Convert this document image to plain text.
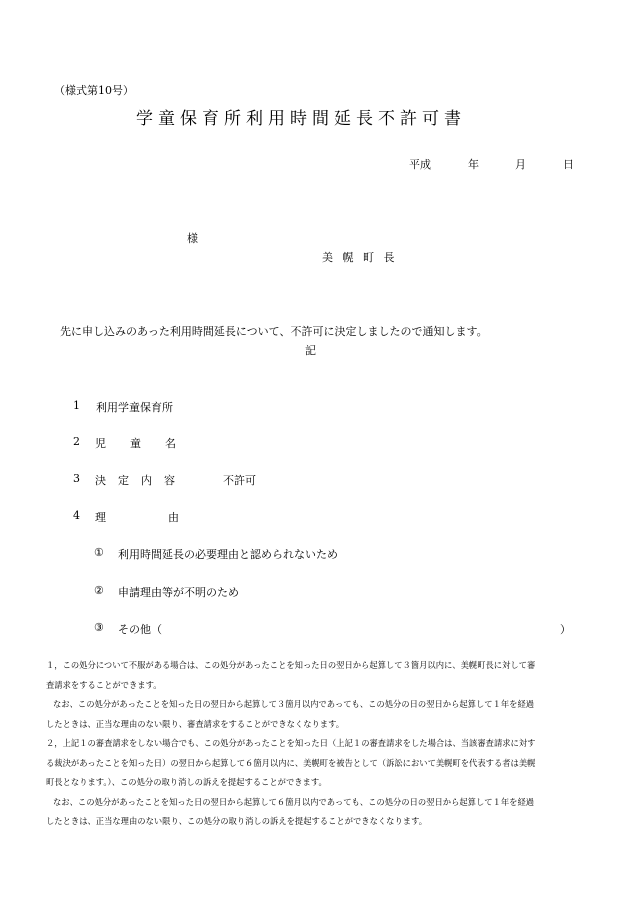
（様式第10号）
学童保育所利用時間延長不許可書
平成	年	月	日
様
美 幌 町 長
先に申し込みのあった利用時間延長について、不許可に決定しましたので通知します。
記
1 利用学童保育所
2 児童名
3 決定内容	不許可
4 理由
① 利用時間延長の必要理由と認められないため
② 申請理由等が不明のため
③ その他（	）
１，この処分について不服がある場合は、この処分があったことを知った日の翌日から起算して３箇月以内に、美幌町長に対して審
査請求をすることができます。
なお、この処分があったことを知った日の翌日から起算して３箇月以内であっても、この処分の日の翌日から起算して１年を経過
したときは、正当な理由のない限り、審査請求をすることができなくなります。
２，上記１の審査請求をしない場合でも、この処分があったことを知った日（上記１の審査請求をした場合は、当該審査請求に対す
る裁決があったことを知った日）の翌日から起算して６箇月以内に、美幌町を被告として（訴訟において美幌町を代表する者は美幌
町長となります。）、この処分の取り消しの訴えを提起することができます。
なお、この処分があったことを知った日の翌日から起算して６箇月以内であっても、この処分の日の翌日から起算して１年を経過
したときは、正当な理由のない限り、この処分の取り消しの訴えを提起することができなくなります。
